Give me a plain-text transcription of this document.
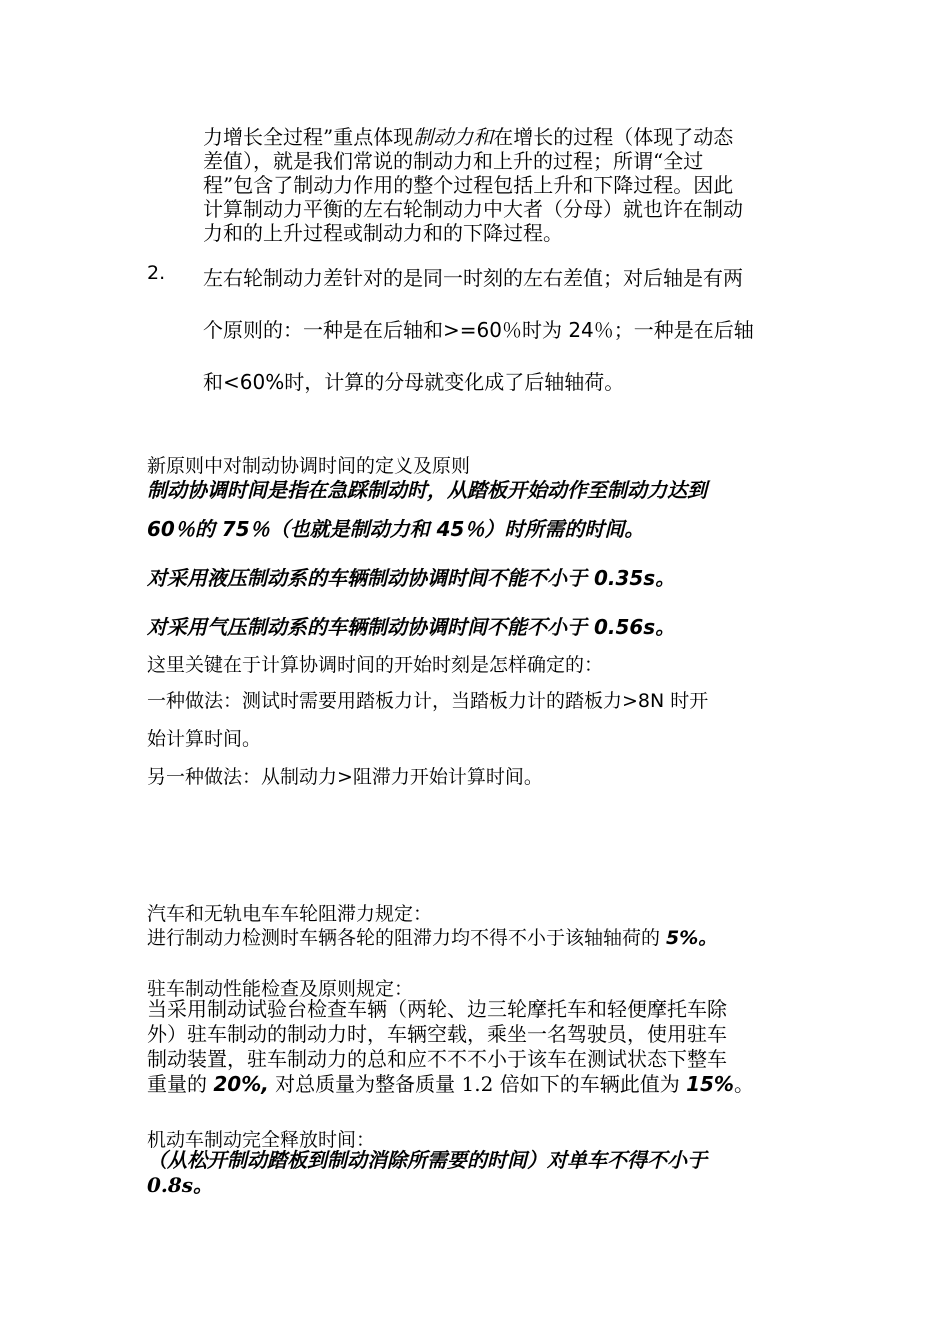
力增长全过程”重点体现制动力和在增长的过程（体现了动态
差值），就是我们常说的制动力和上升的过程；所谓“全过
程”包含了制动力作用的整个过程包括上升和下降过程。因此
计算制动力平衡的左右轮制动力中大者（分母）就也许在制动
力和的上升过程或制动力和的下降过程。
2. 左右轮制动力差针对的是同一时刻的左右差值；对后轴是有两
个原则的：一种是在后轴和>=60％时为 24％；一种是在后轴
和<60%时，计算的分母就变化成了后轴轴荷。
新原则中对制动协调时间的定义及原则
制动协调时间是指在急踩制动时，从踏板开始动作至制动力达到
60％的 75％（也就是制动力和 45％）时所需的时间。
对采用液压制动系的车辆制动协调时间不能不小于 0.35s。
对采用气压制动系的车辆制动协调时间不能不小于 0.56s。
这里关键在于计算协调时间的开始时刻是怎样确定的：
一种做法：测试时需要用踏板力计，当踏板力计的踏板力>8N 时开
始计算时间。
另一种做法：从制动力>阻滞力开始计算时间。
汽车和无轨电车车轮阻滞力规定：
进行制动力检测时车辆各轮的阻滞力均不得不小于该轴轴荷的 5%。
驻车制动性能检查及原则规定：
当采用制动试验台检查车辆（两轮、边三轮摩托车和轻便摩托车除
外）驻车制动的制动力时，车辆空载，乘坐一名驾驶员，使用驻车
制动装置，驻车制动力的总和应不不不小于该车在测试状态下整车
重量的 20%, 对总质量为整备质量 1.2 倍如下的车辆此值为 15%。
机动车制动完全释放时间：
（从松开制动踏板到制动消除所需要的时间）对单车不得不小于
0.8s。
